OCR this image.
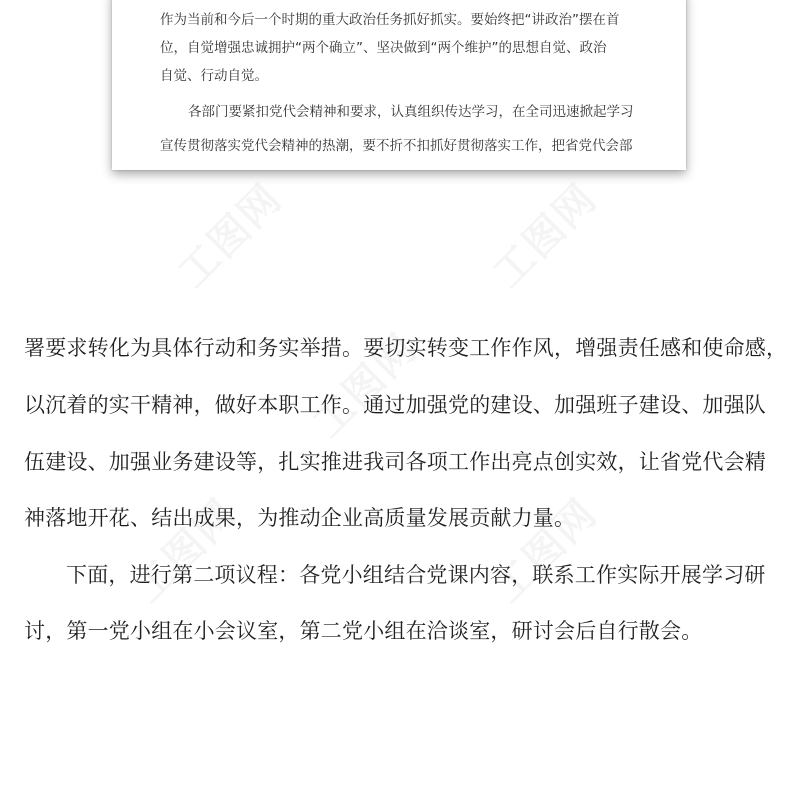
作为当前和今后一个时期的重大政治任务抓好抓实。要始终把“讲政治”摆在首
位，自觉增强忠诚拥护“两个确立”、坚决做到“两个维护”的思想自觉、政治
自觉、行动自觉。
各部门要紧扣党代会精神和要求，认真组织传达学习，在全司迅速掀起学习
宣传贯彻落实党代会精神的热潮，要不折不扣抓好贯彻落实工作，把省党代会部
署要求转化为具体行动和务实举措。要切实转变工作作风，增强责任感和使命感，
以沉着的实干精神，做好本职工作。通过加强党的建设、加强班子建设、加强队
伍建设、加强业务建设等，扎实推进我司各项工作出亮点创实效，让省党代会精
神落地开花、结出成果，为推动企业高质量发展贡献力量。
下面，进行第二项议程：各党小组结合党课内容，联系工作实际开展学习研
讨，第一党小组在小会议室，第二党小组在洽谈室，研讨会后自行散会。
